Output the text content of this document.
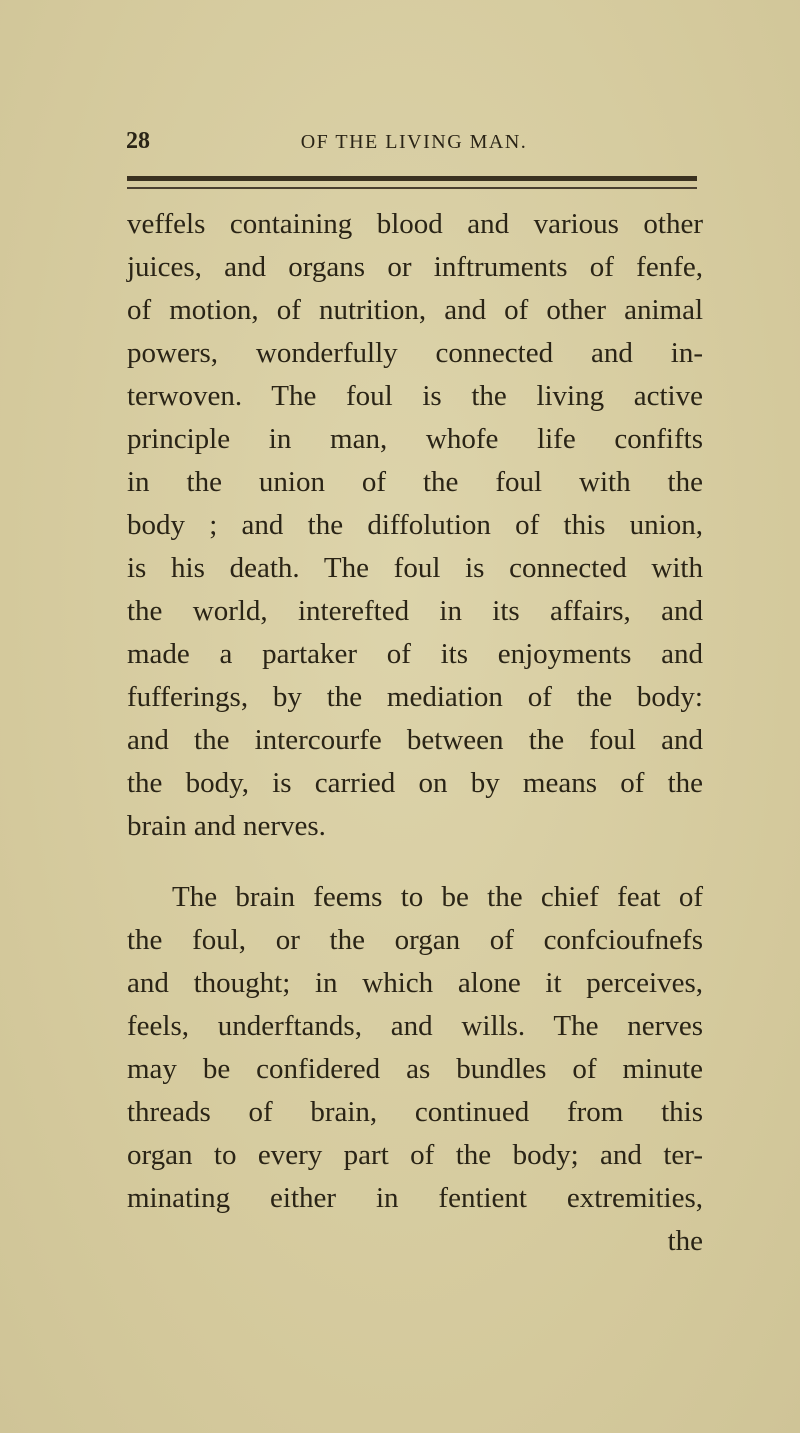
28	OF THE LIVING MAN.
veffels containing blood and various other
juices, and organs or inftruments of fenfe,
of motion, of nutrition, and of other animal
powers, wonderfully connected and in-
terwoven. The foul is the living active
principle in man, whofe life confifts
in the union of the foul with the
body ; and the diffolution of this union,
is his death. The foul is connected with
the world, interefted in its affairs, and
made a partaker of its enjoyments and
fufferings, by the mediation of the body:
and the intercourfe between the foul and
the body, is carried on by means of the
brain and nerves.
The brain feems to be the chief feat of
the foul, or the organ of confcioufnefs
and thought; in which alone it perceives,
feels, underftands, and wills. The nerves
may be confidered as bundles of minute
threads of brain, continued from this
organ to every part of the body; and ter-
minating either in fentient extremities,
the
